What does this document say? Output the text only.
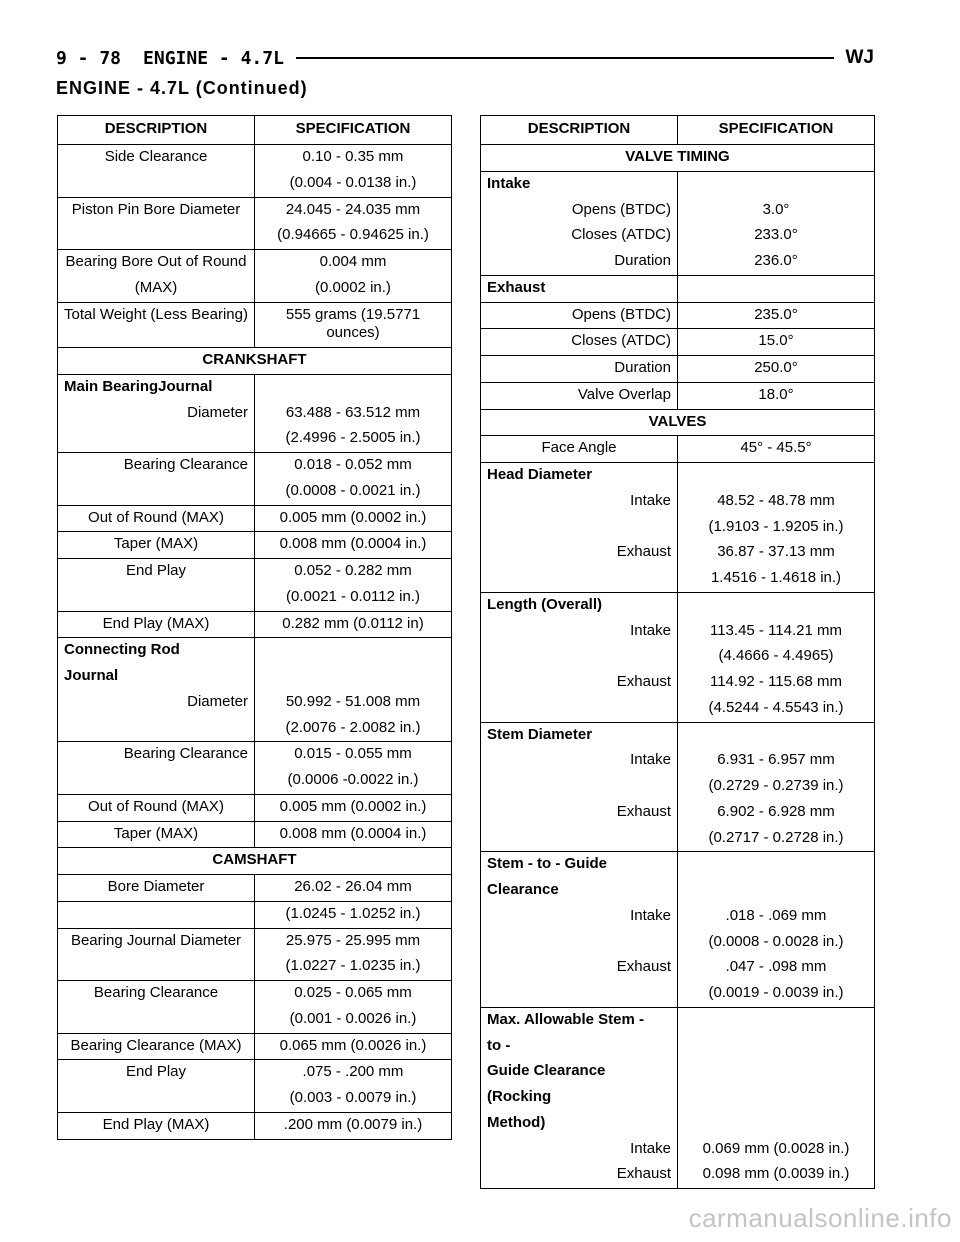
9 - 78 ENGINE - 4.7L	WJ
ENGINE - 4.7L (Continued)
DESCRIPTION	SPECIFICATION
Side Clearance	0.10 - 0.35 mm
	(0.004 - 0.0138 in.)
Piston Pin Bore Diameter	24.045 - 24.035 mm
	(0.94665 - 0.94625 in.)
Bearing Bore Out of Round	0.004 mm
(MAX)	(0.0002 in.)
Total Weight (Less Bearing)	555 grams (19.5771 ounces)
CRANKSHAFT	
Main BearingJournal	
Diameter	63.488 - 63.512 mm
	(2.4996 - 2.5005 in.)
Bearing Clearance	0.018 - 0.052 mm
	(0.0008 - 0.0021 in.)
Out of Round (MAX)	0.005 mm (0.0002 in.)
Taper (MAX)	0.008 mm (0.0004 in.)
End Play	0.052 - 0.282 mm
	(0.0021 - 0.0112 in.)
End Play (MAX)	0.282 mm (0.0112 in)
Connecting Rod	
Journal	
Diameter	50.992 - 51.008 mm
	(2.0076 - 2.0082 in.)
Bearing Clearance	0.015 - 0.055 mm
	(0.0006 -0.0022 in.)
Out of Round (MAX)	0.005 mm (0.0002 in.)
Taper (MAX)	0.008 mm (0.0004 in.)
CAMSHAFT	
Bore Diameter	26.02 - 26.04 mm
	(1.0245 - 1.0252 in.)
Bearing Journal Diameter	25.975 - 25.995 mm
	(1.0227 - 1.0235 in.)
Bearing Clearance	0.025 - 0.065 mm
	(0.001 - 0.0026 in.)
Bearing Clearance (MAX)	0.065 mm (0.0026 in.)
End Play	.075 - .200 mm
	(0.003 - 0.0079 in.)
End Play (MAX)	.200 mm (0.0079 in.)
DESCRIPTION	SPECIFICATION
VALVE TIMING	
Intake	
Opens (BTDC)	3.0°
Closes (ATDC)	233.0°
Duration	236.0°
Exhaust	
Opens (BTDC)	235.0°
Closes (ATDC)	15.0°
Duration	250.0°
Valve Overlap	18.0°
VALVES	
Face Angle	45° - 45.5°
Head Diameter	
Intake	48.52 - 48.78 mm
	(1.9103 - 1.9205 in.)
Exhaust	36.87 - 37.13 mm
	1.4516 - 1.4618 in.)
Length (Overall)	
Intake	113.45 - 114.21 mm
	(4.4666 - 4.4965)
Exhaust	114.92 - 115.68 mm
	(4.5244 - 4.5543 in.)
Stem Diameter	
Intake	6.931 - 6.957 mm
	(0.2729 - 0.2739 in.)
Exhaust	6.902 - 6.928 mm
	(0.2717 - 0.2728 in.)
Stem - to - Guide	
Clearance	
Intake	.018 - .069 mm
	(0.0008 - 0.0028 in.)
Exhaust	.047 - .098 mm
	(0.0019 - 0.0039 in.)
Max. Allowable Stem -	
to -	
Guide Clearance	
(Rocking	
Method)	
Intake	0.069 mm (0.0028 in.)
Exhaust	0.098 mm (0.0039 in.)
carmanualsonline.info
